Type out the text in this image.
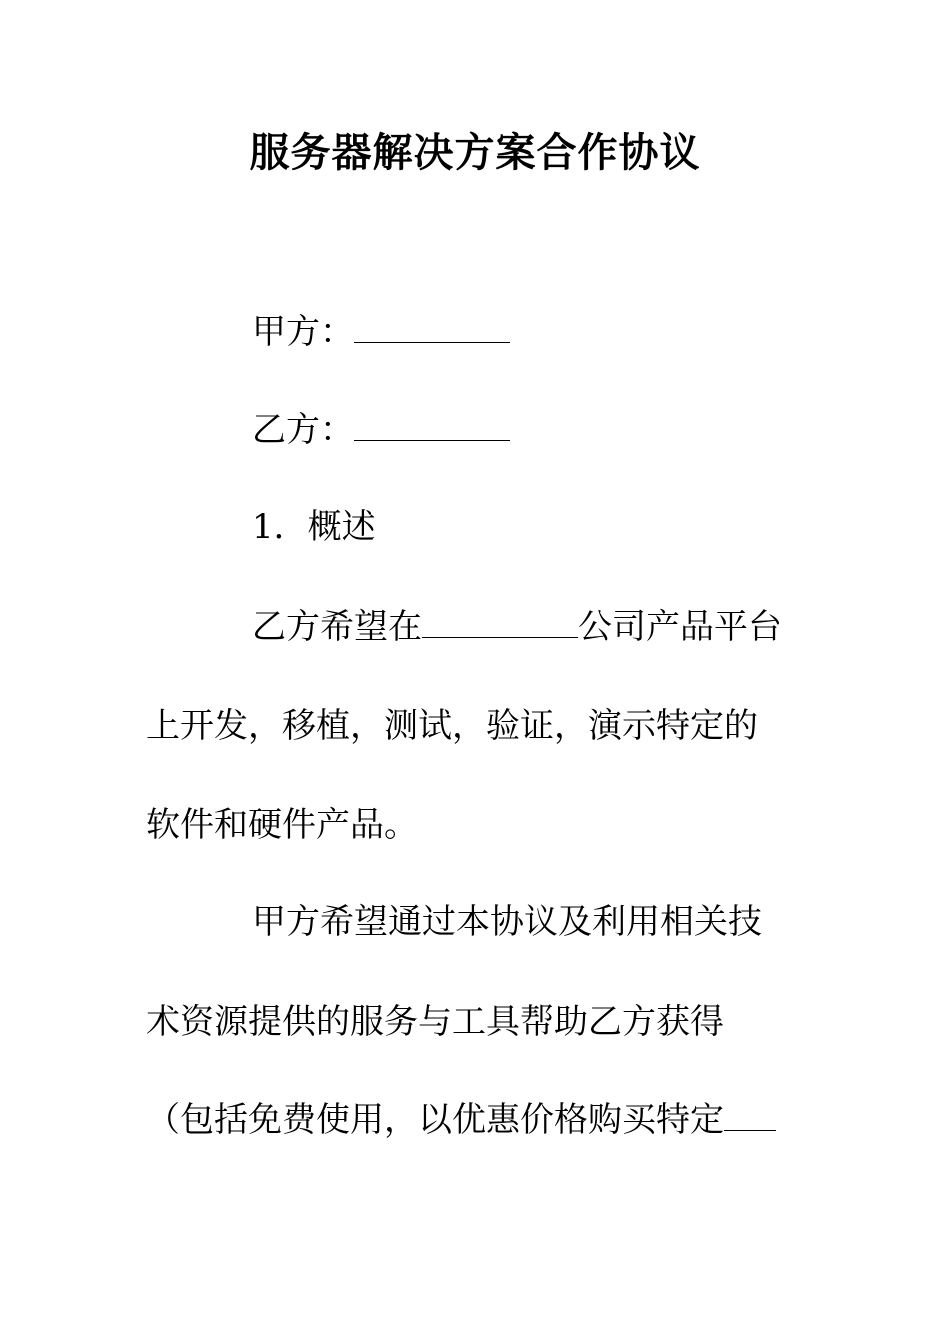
服务器解决方案合作协议
甲方：
乙方：
1．概述
乙方希望在	公司产品平台
上开发，移植，测试，验证，演示特定的
软件和硬件产品。
甲方希望通过本协议及利用相关技
术资源提供的服务与工具帮助乙方获得
（包括免费使用，以优惠价格购买特定
